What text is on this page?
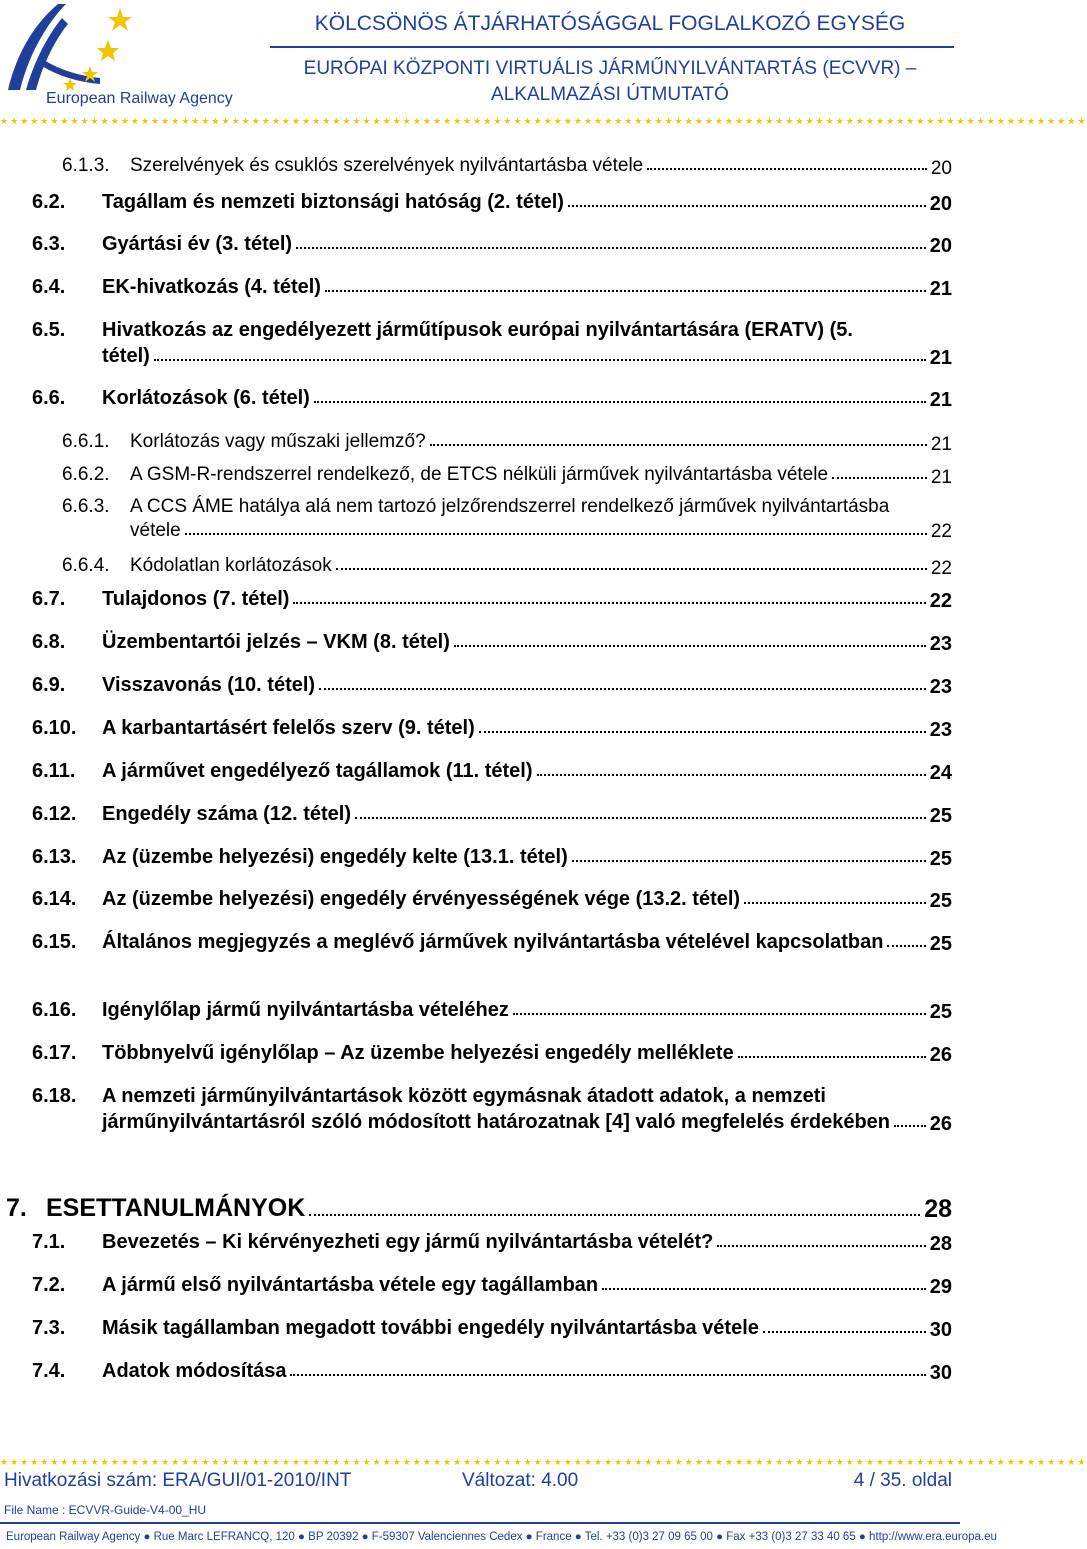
European Railway Agency
KÖLCSÖNÖS ÁTJÁRHATÓSÁGGAL FOGLALKOZÓ EGYSÉG
EURÓPAI KÖZPONTI VIRTUÁLIS JÁRMŰNYILVÁNTARTÁS (ECVVR) –
ALKALMAZÁSI ÚTMUTATÓ
★★★★★★★★★★★★★★★★★★★★★★★★★★★★★★★★★★★★★★★★★★★★★★★★★★★★★★★★★★★★★★★★★★★★★★★★★★★★★★★★★★★★★★★★★★★★★★★★★★★★★★★★★★★★
6.1.3. Szerelvények és csuklós szerelvények nyilvántartásba vétele	20
6.2. Tagállam és nemzeti biztonsági hatóság (2. tétel)	20
6.3. Gyártási év (3. tétel)	20
6.4. EK-hivatkozás (4. tétel)	21
6.5. Hivatkozás az engedélyezett járműtípusok európai nyilvántartására (ERATV) (5. tétel)	21
6.6. Korlátozások (6. tétel)	21
6.6.1. Korlátozás vagy műszaki jellemző?	21
6.6.2. A GSM-R-rendszerrel rendelkező, de ETCS nélküli járművek nyilvántartásba vétele	21
6.6.3. A CCS ÁME hatálya alá nem tartozó jelzőrendszerrel rendelkező járművek nyilvántartásba vétele	22
6.6.4. Kódolatlan korlátozások	22
6.7. Tulajdonos (7. tétel)	22
6.8. Üzembentartói jelzés – VKM (8. tétel)	23
6.9. Visszavonás (10. tétel)	23
6.10. A karbantartásért felelős szerv (9. tétel)	23
6.11. A járművet engedélyező tagállamok (11. tétel)	24
6.12. Engedély száma (12. tétel)	25
6.13. Az (üzembe helyezési) engedély kelte (13.1. tétel)	25
6.14. Az (üzembe helyezési) engedély érvényességének vége (13.2. tétel)	25
6.15. Általános megjegyzés a meglévő járművek nyilvántartásba vételével kapcsolatban	25
6.16. Igénylőlap jármű nyilvántartásba vételéhez	25
6.17. Többnyelvű igénylőlap – Az üzembe helyezési engedély melléklete	26
6.18. A nemzeti járműnyilvántartások között egymásnak átadott adatok, a nemzeti járműnyilvántartásról szóló módosított határozatnak [4] való megfelelés érdekében	26
7. ESETTANULMÁNYOK	28
7.1. Bevezetés – Ki kérvényezheti egy jármű nyilvántartásba vételét?	28
7.2. A jármű első nyilvántartásba vétele egy tagállamban	29
7.3. Másik tagállamban megadott további engedély nyilvántartásba vétele	30
7.4. Adatok módosítása	30
★★★★★★★★★★★★★★★★★★★★★★★★★★★★★★★★★★★★★★★★★★★★★★★★★★★★★★★★★★★★★★★★★★★★★★★★★★★★★★★★★★★★★★★★★★★★★★★★★★★★★★★★★★★★
Hivatkozási szám: ERA/GUI/01-2010/INT	Változat: 4.00	4 / 35. oldal
File Name : ECVVR-Guide-V4-00_HU
European Railway Agency ● Rue Marc LEFRANCQ, 120 ● BP 20392 ● F-59307 Valenciennes Cedex ● France ● Tel. +33 (0)3 27 09 65 00 ● Fax +33 (0)3 27 33 40 65 ● http://www.era.europa.eu
